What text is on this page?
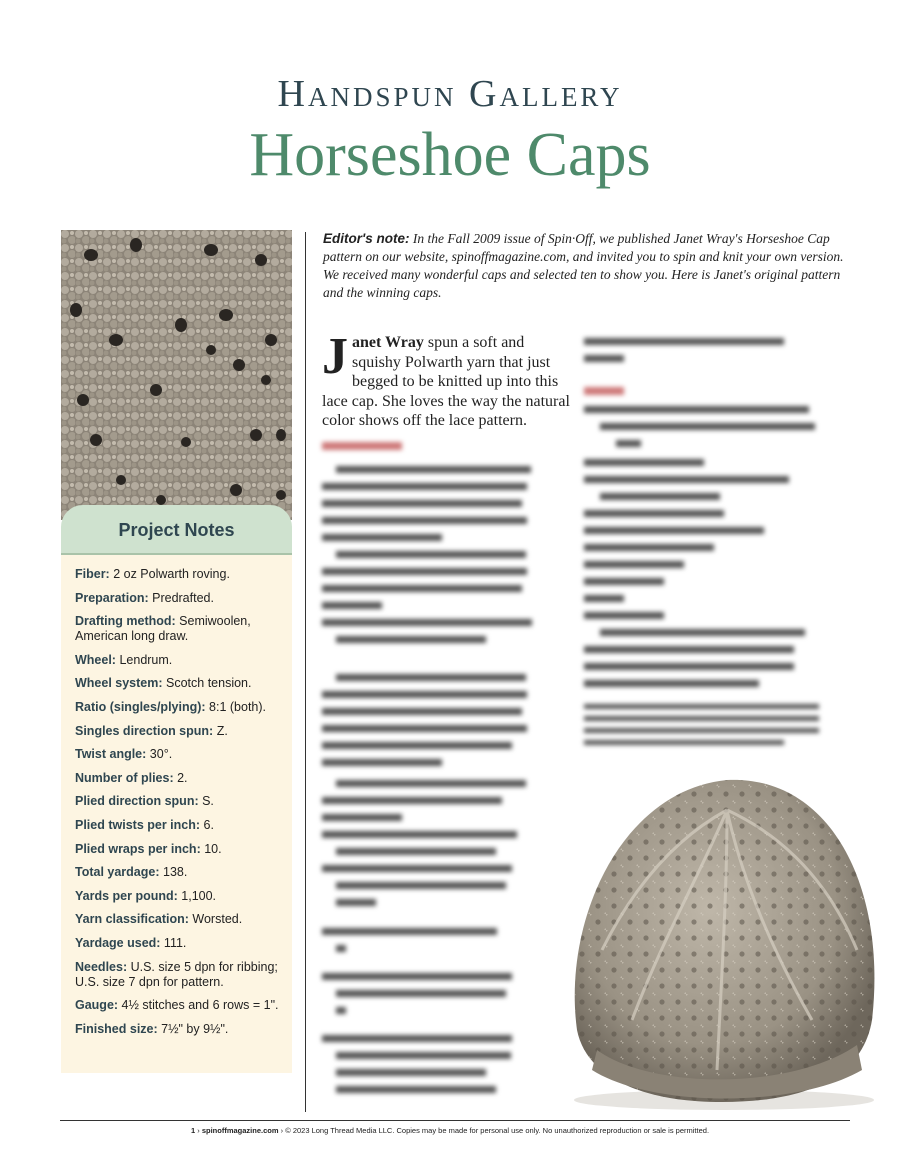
Handspun Gallery
Horseshoe Caps
Project Notes
Fiber: 2 oz Polwarth roving.
Preparation: Predrafted.
Drafting method: Semiwoolen, American long draw.
Wheel: Lendrum.
Wheel system: Scotch tension.
Ratio (singles/plying): 8:1 (both).
Singles direction spun: Z.
Twist angle: 30°.
Number of plies: 2.
Plied direction spun: S.
Plied twists per inch: 6.
Plied wraps per inch: 10.
Total yardage: 138.
Yards per pound: 1,100.
Yarn classification: Worsted.
Yardage used: 111.
Needles: U.S. size 5 dpn for ribbing; U.S. size 7 dpn for pattern.
Gauge: 4½ stitches and 6 rows = 1".
Finished size: 7½" by 9½".
Editor's note: In the Fall 2009 issue of Spin·Off, we published Janet Wray's Horseshoe Cap pattern on our website, spinoffmagazine.com, and invited you to spin and knit your own version. We received many wonderful caps and selected ten to show you. Here is Janet's original pattern and the winning caps.
Janet Wray spun a soft and squishy Polwarth yarn that just begged to be knitted up into this lace cap. She loves the way the natural color shows off the lace pattern.
1 › spinoffmagazine.com › © 2023 Long Thread Media LLC. Copies may be made for personal use only. No unauthorized reproduction or sale is permitted.
